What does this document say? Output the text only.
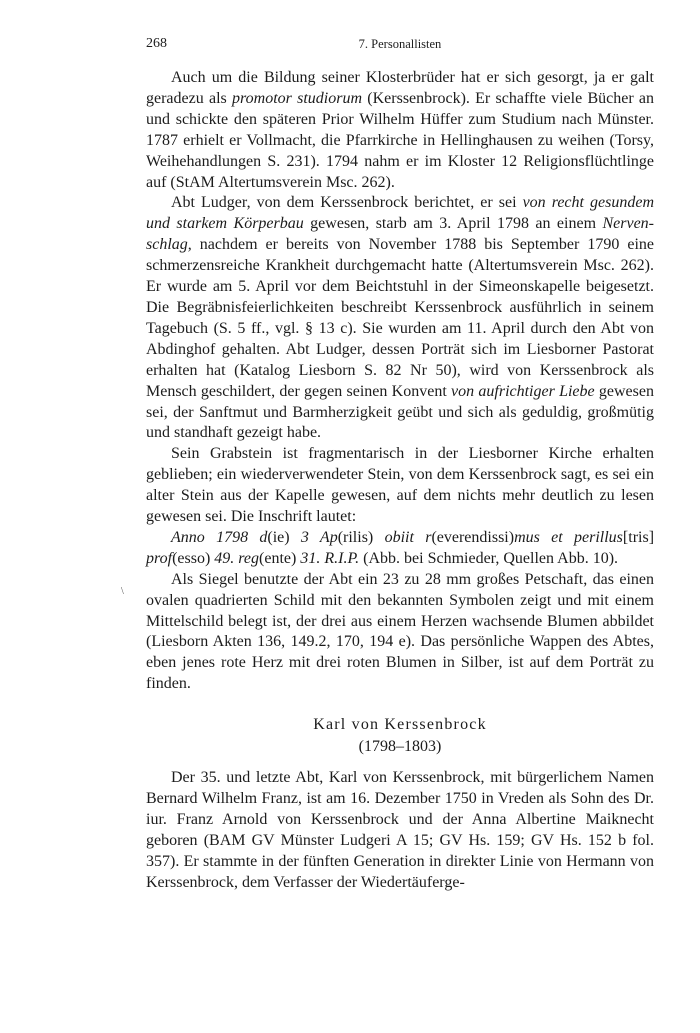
268	7. Personallisten

Auch um die Bildung seiner Klosterbrüder hat er sich gesorgt, ja er galt geradezu als promotor studiorum (Kerssenbrock). Er schaffte viele Bücher an und schickte den späteren Prior Wilhelm Hüffer zum Studium nach Münster. 1787 erhielt er Vollmacht, die Pfarrkirche in Hellinghausen zu weihen (Torsy, Weihehandlungen S. 231). 1794 nahm er im Kloster 12 Religionsflüchtlinge auf (StAM Altertumsverein Msc. 262).

Abt Ludger, von dem Kerssenbrock berichtet, er sei von recht gesundem und starkem Körperbau gewesen, starb am 3. April 1798 an einem Nervenschlag, nachdem er bereits von November 1788 bis September 1790 eine schmerzensreiche Krankheit durchgemacht hatte (Altertumsverein Msc. 262). Er wurde am 5. April vor dem Beichtstuhl in der Simeonskapelle beigesetzt. Die Begräbnisfeierlichkeiten beschreibt Kerssenbrock ausführlich in seinem Tagebuch (S. 5 ff., vgl. § 13 c). Sie wurden am 11. April durch den Abt von Abdinghof gehalten. Abt Ludger, dessen Porträt sich im Liesborner Pastorat erhalten hat (Katalog Liesborn S. 82 Nr 50), wird von Kerssenbrock als Mensch geschildert, der gegen seinen Konvent von aufrichtiger Liebe gewesen sei, der Sanftmut und Barmherzigkeit geübt und sich als geduldig, großmütig und standhaft gezeigt habe.

Sein Grabstein ist fragmentarisch in der Liesborner Kirche erhalten geblieben; ein wiederverwendeter Stein, von dem Kerssenbrock sagt, es sei ein alter Stein aus der Kapelle gewesen, auf dem nichts mehr deutlich zu lesen gewesen sei. Die Inschrift lautet:

Anno 1798 d(ie) 3 Ap(rilis) obiit r(everendissi)mus et perillus[tris] prof(esso) 49. reg(ente) 31. R.I.P. (Abb. bei Schmieder, Quellen Abb. 10).

Als Siegel benutzte der Abt ein 23 zu 28 mm großes Petschaft, das einen ovalen quadrierten Schild mit den bekannten Symbolen zeigt und mit einem Mittelschild belegt ist, der drei aus einem Herzen wachsende Blumen abbildet (Liesborn Akten 136, 149.2, 170, 194 e). Das persönliche Wappen des Abtes, eben jenes rote Herz mit drei roten Blumen in Silber, ist auf dem Porträt zu finden.

\
Karl von Kerssenbrock
(1798–1803)

Der 35. und letzte Abt, Karl von Kerssenbrock, mit bürgerlichem Namen Bernard Wilhelm Franz, ist am 16. Dezember 1750 in Vreden als Sohn des Dr. iur. Franz Arnold von Kerssenbrock und der Anna Albertine Maiknecht geboren (BAM GV Münster Ludgeri A 15; GV Hs. 159; GV Hs. 152 b fol. 357). Er stammte in der fünften Generation in direkter Linie von Hermann von Kerssenbrock, dem Verfasser der Wiedertäuferge-
